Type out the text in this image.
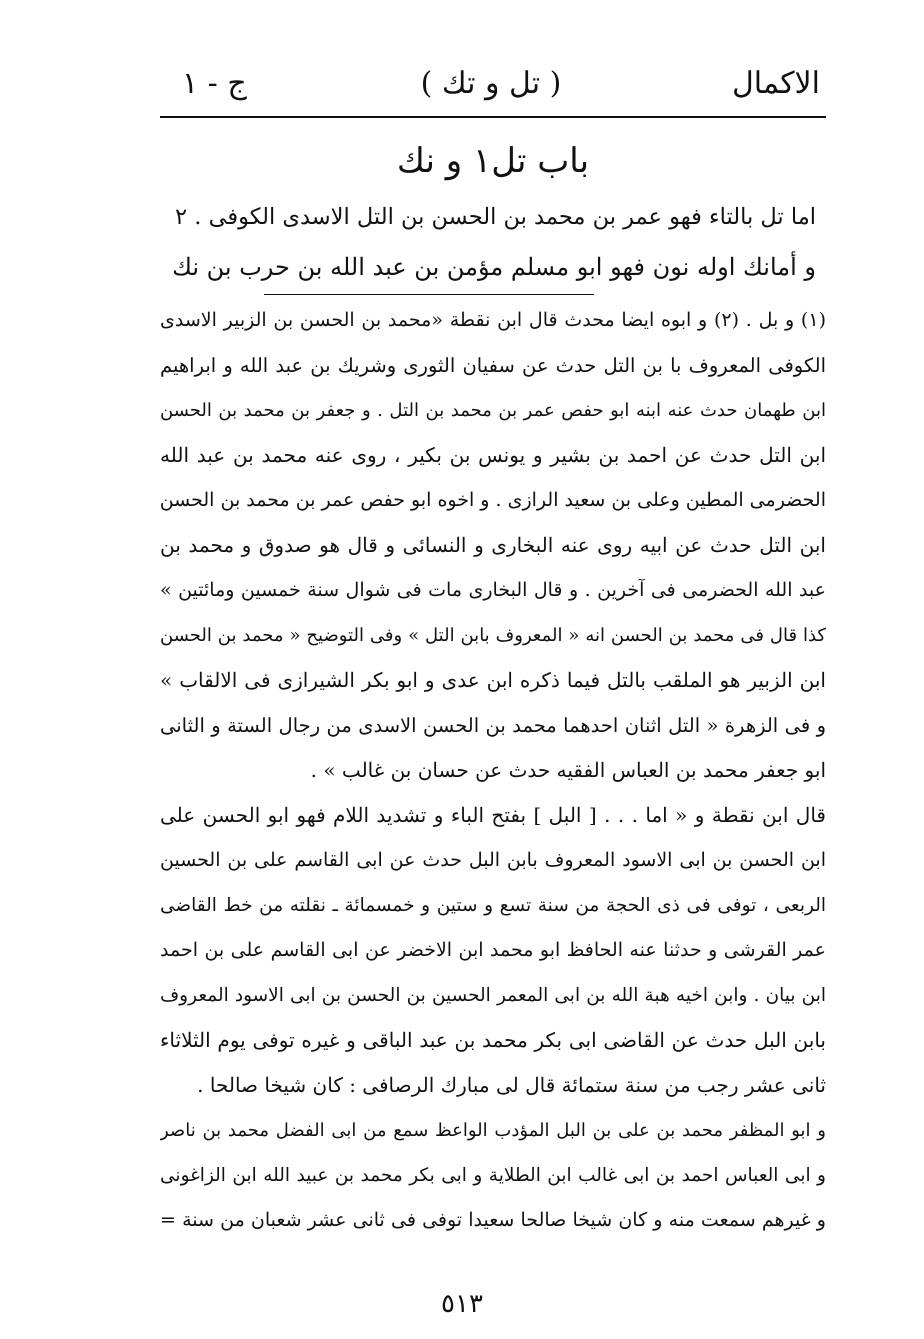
الاكمال
( تل و تك )
ج - ١
باب تل١ و نك
اما تل بالتاء فهو عمر بن محمد بن الحسن بن التل الاسدى الكوفى . ٢
و أمانك اوله نون فهو ابو مسلم مؤمن بن عبد الله بن حرب بن نك
(١) و بل . (٢) و ابوه ايضا محدث قال ابن نقطة «محمد بن الحسن بن الزبير الاسدى
الكوفى المعروف با بن التل حدث عن سفيان الثورى وشريك بن عبد الله و ابراهيم
ابن طهمان حدث عنه ابنه ابو حفص عمر بن محمد بن التل . و جعفر بن محمد بن الحسن
ابن التل حدث عن احمد بن بشير و يونس بن بكير ، روى عنه محمد بن عبد الله
الحضرمى المطين وعلى بن سعيد الرازى . و اخوه ابو حفص عمر بن محمد بن الحسن
ابن التل حدث عن ابيه روى عنه البخارى و النسائى و قال هو صدوق و محمد بن
عبد الله الحضرمى فى آخرين . و قال البخارى مات فى شوال سنة خمسين ومائتين »
كذا قال فى محمد بن الحسن انه « المعروف بابن التل » وفى التوضيح « محمد بن الحسن
ابن الزبير هو الملقب بالتل فيما ذكره ابن عدى و ابو بكر الشيرازى فى الالقاب »
و فى الزهرة « التل اثنان احدهما محمد بن الحسن الاسدى من رجال الستة و الثانى
ابو جعفر محمد بن العباس الفقيه حدث عن حسان بن غالب » .
قال ابن نقطة و « اما . . . [ البل ] بفتح الباء و تشديد اللام فهو ابو الحسن على
ابن الحسن بن ابى الاسود المعروف بابن البل حدث عن ابى القاسم على بن الحسين
الربعى ، توفى فى ذى الحجة من سنة تسع و ستين و خمسمائة ـ نقلته من خط القاضى
عمر القرشى و حدثنا عنه الحافظ ابو محمد ابن الاخضر عن ابى القاسم على بن احمد
ابن بيان . وابن اخيه هبة الله بن ابى المعمر الحسين بن الحسن بن ابى الاسود المعروف
بابن البل حدث عن القاضى ابى بكر محمد بن عبد الباقى و غيره توفى يوم الثلاثاء
ثانى عشر رجب من سنة ستمائة قال لى مبارك الرصافى : كان شيخا صالحا .
و ابو المظفر محمد بن على بن البل المؤدب الواعظ سمع من ابى الفضل محمد بن ناصر
و ابى العباس احمد بن ابى غالب ابن الطلاية و ابى بكر محمد بن عبيد الله ابن الزاغونى
و غيرهم سمعت منه و كان شيخا صالحا سعيدا توفى فى ثانى عشر شعبان من سنة =
٥١٣
